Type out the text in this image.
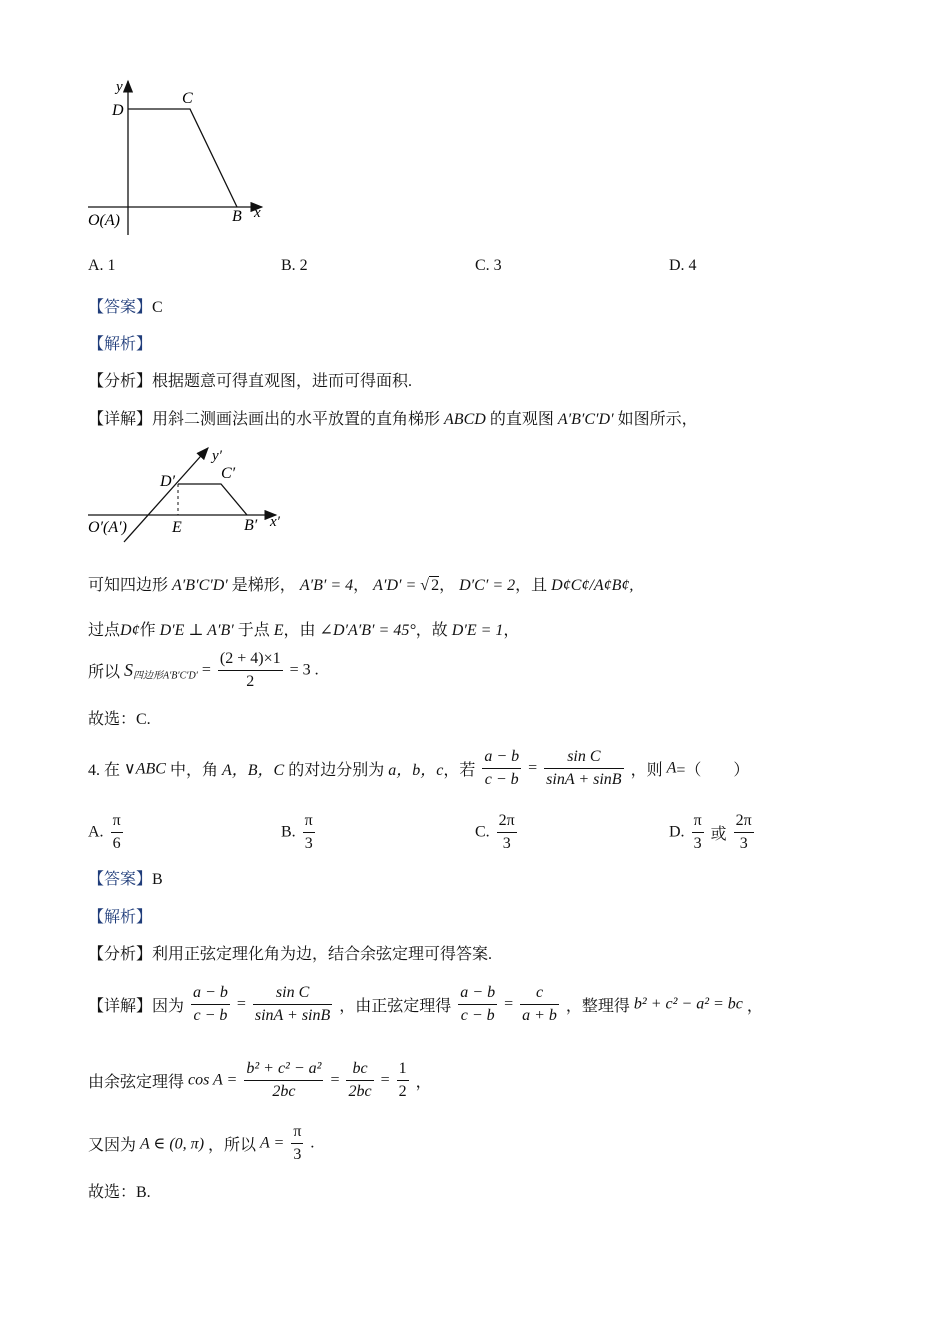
y
D
C
O(A)	B x
A. 1	B. 2	C. 3	D. 4
【答案】C
【解析】
【分析】根据题意可得直观图，进而可得面积.
【详解】用斜二测画法画出的水平放置的直角梯形 ABCD 的直观图 A′B′C′D′ 如图所示，
y′
D′	C′
O′(A′)	E	B′ x′
可知四边形 A′B′C′D′ 是梯形， A′B′ = 4， A′D′ = √ 2， D′C′ = 2，且 D¢C¢/A¢B¢,
过点D¢作 D′E ⊥ A′B′ 于点 E，由 ∠D′A′B′ = 45°，故 D′E = 1，
所以 $S_{四边形A'B'C'D'} = \frac{(2 + 4)\times 1}{2} = 3$ .
故选：C.
4. 在 ∨ABC 中，角 A，B，C 的对边分别为 a，b，c，若 $\frac{a - b}{c - b} = \frac{\text{sin C}}{\sin A + \sin B}$ ，则 A=（　　）
A. $\frac{\pi}{6}$	B. $\frac{\pi}{3}$	C. $\frac{2\pi}{3}$	D. $\frac{\pi}{3}$ 或 $\frac{2\pi}{3}$
【答案】B
【解析】
【分析】利用正弦定理化角为边，结合余弦定理可得答案.
【详解】因为 $\frac{a - b}{c - b} = \frac{\text{sin C}}{\sin A + \sin B}$ ，由正弦定理得 $\frac{a - b}{c - b} = \frac{c}{a + b}$ ，整理得 b² + c² − a² = bc ，
由余弦定理得 $\cos A = \frac{\text{b² + c² − a²}}{2bc} = \frac{bc}{2bc} = \frac{1}{2}$ ，
又因为 A ∈ (0, π) ，所以 $A = \frac{\pi}{3}$ .
故选：B.
